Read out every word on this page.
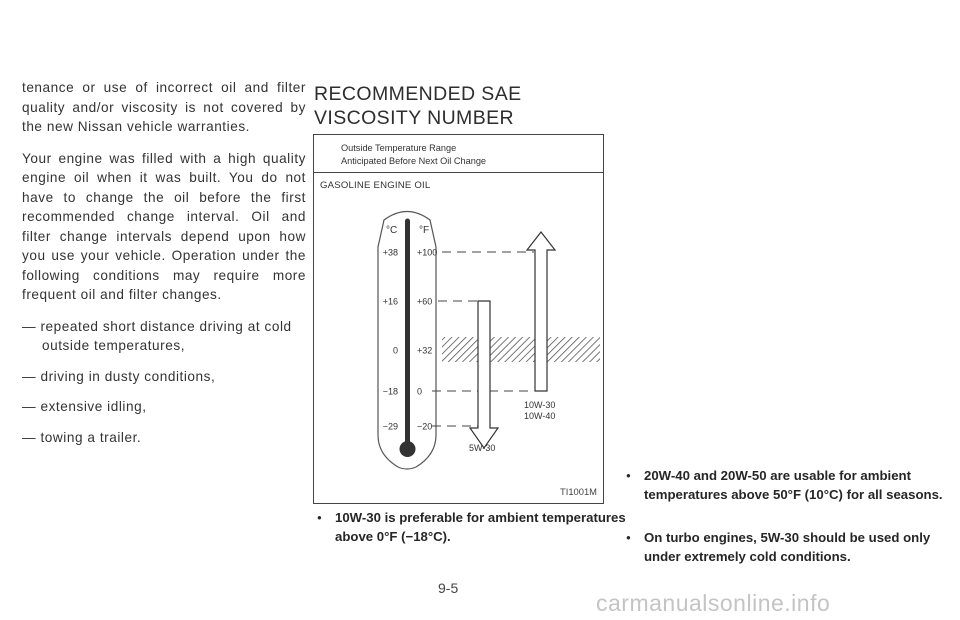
tenance or use of incorrect oil and filter quality and/or viscosity is not covered by the new Nissan vehicle warranties.

Your engine was filled with a high quality engine oil when it was built. You do not have to change the oil before the first recommended change interval. Oil and filter change intervals depend upon how you use your vehicle. Operation under the following conditions may require more frequent oil and filter changes.

— repeated short distance driving at cold outside temperatures,
— driving in dusty conditions,
— extensive idling,
— towing a trailer.
RECOMMENDED SAE VISCOSITY NUMBER
Outside Temperature Range
Anticipated Before Next Oil Change
GASOLINE ENGINE OIL
°C °F
+38 +100
+16 +60
0 +32
−18 0
−29 −20
5W-30
10W-30
10W-40
TI1001M
● 10W-30 is preferable for ambient temperatures above 0°F (−18°C).
● 20W-40 and 20W-50 are usable for ambient temperatures above 50°F (10°C) for all seasons.
● On turbo engines, 5W-30 should be used only under extremely cold conditions.
9-5
carmanualsonline.info
